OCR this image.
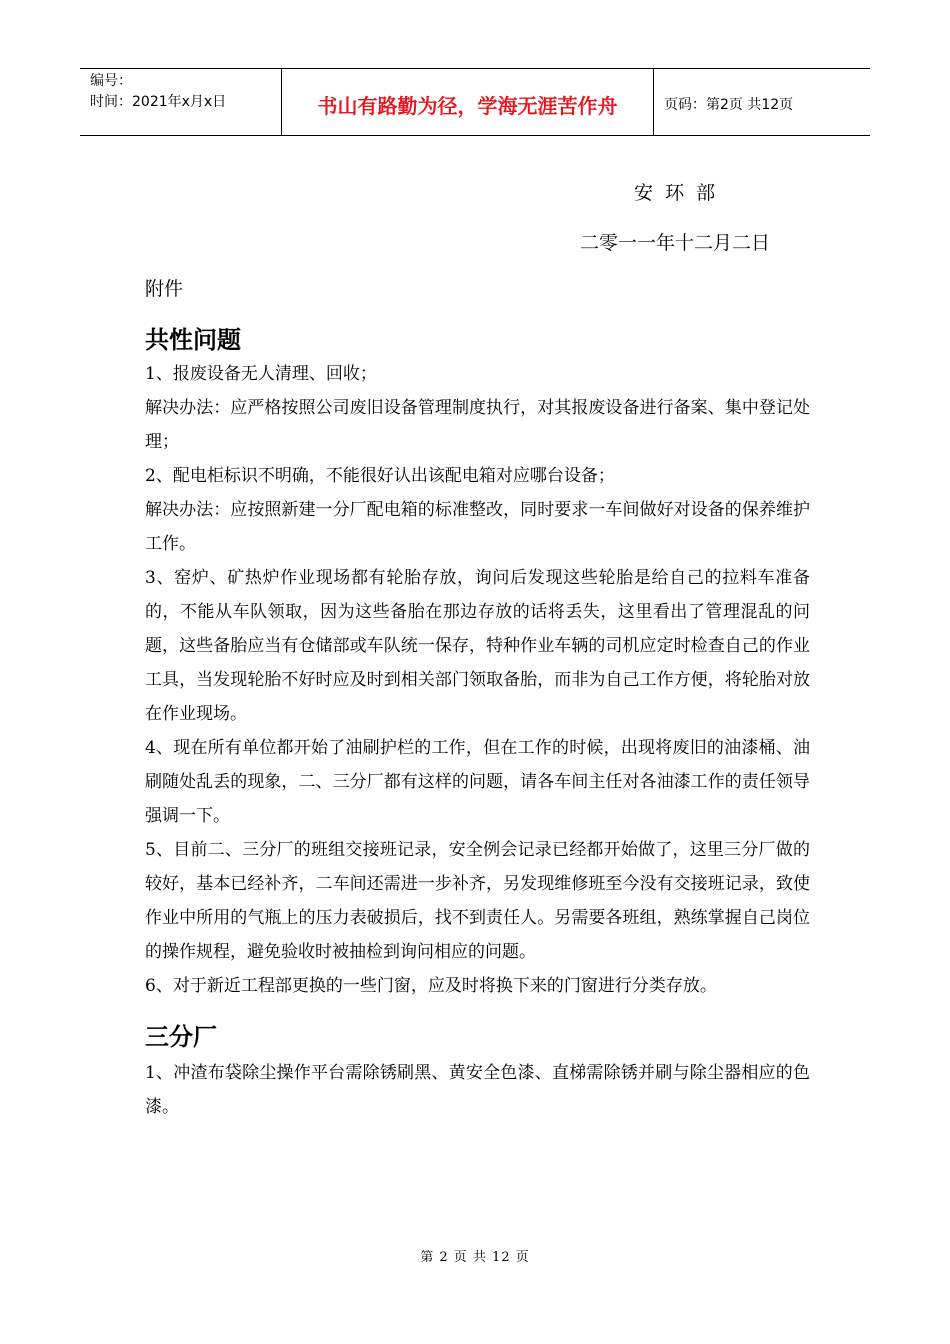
编号：
时间：2021年x月x日	书山有路勤为径，学海无涯苦作舟	页码：第2页 共12页
安  环  部
二零一一年十二月二日

附件

共性问题

1、报废设备无人清理、回收；

解决办法：应严格按照公司废旧设备管理制度执行，对其报废设备进行备案、集中登记处理；

2、配电柜标识不明确，不能很好认出该配电箱对应哪台设备；

解决办法：应按照新建一分厂配电箱的标准整改，同时要求一车间做好对设备的保养维护工作。

3、窑炉、矿热炉作业现场都有轮胎存放，询问后发现这些轮胎是给自己的拉料车准备的，不能从车队领取，因为这些备胎在那边存放的话将丢失，这里看出了管理混乱的问题，这些备胎应当有仓储部或车队统一保存，特种作业车辆的司机应定时检查自己的作业工具，当发现轮胎不好时应及时到相关部门领取备胎，而非为自己工作方便，将轮胎对放在作业现场。

4、现在所有单位都开始了油刷护栏的工作，但在工作的时候，出现将废旧的油漆桶、油刷随处乱丢的现象，二、三分厂都有这样的问题，请各车间主任对各油漆工作的责任领导强调一下。

5、目前二、三分厂的班组交接班记录，安全例会记录已经都开始做了，这里三分厂做的较好，基本已经补齐，二车间还需进一步补齐，另发现维修班至今没有交接班记录，致使作业中所用的气瓶上的压力表破损后，找不到责任人。另需要各班组，熟练掌握自己岗位的操作规程，避免验收时被抽检到询问相应的问题。

6、对于新近工程部更换的一些门窗，应及时将换下来的门窗进行分类存放。

三分厂

1、冲渣布袋除尘操作平台需除锈刷黑、黄安全色漆、直梯需除锈并刷与除尘器相应的色漆。

第 2 页 共 12 页
